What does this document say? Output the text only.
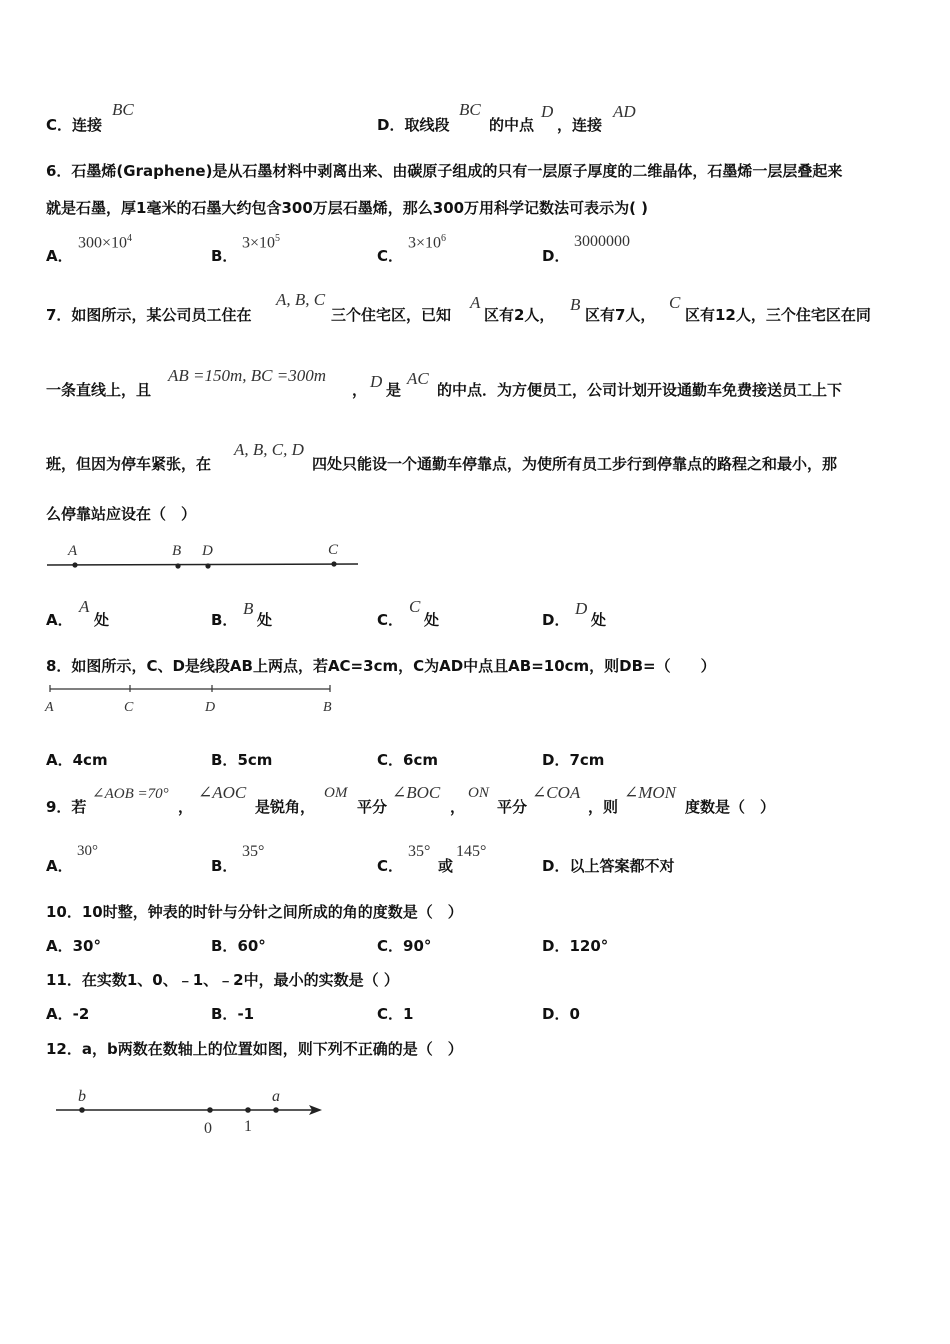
C．连接
BC
D．取线段
BC
的中点
D
，连接
AD
6．石墨烯(Graphene)是从石墨材料中剥离出来、由碳原子组成的只有一层原子厚度的二维晶体，石墨烯一层层叠起来
就是石墨，厚1毫米的石墨大约包含300万层石墨烯，那么300万用科学记数法可表示为( )
A．
$300\times 10^4$
B．
$3\times 10^5$
C．
$3\times 10^6$
D．
3000000
7．如图所示，某公司员工住在
A, B, C
三个住宅区，已知
A
区有2人，
B
区有7人，
C
区有12人，三个住宅区在同
一条直线上，且
AB =150m, BC =300m
， D 是
AC
的中点．为方便员工，公司计划开设通勤车免费接送员工上下
班，但因为停车紧张，在
A, B, C, D
四处只能设一个通勤车停靠点，为使所有员工步行到停靠点的路程之和最小，那
么停靠站应设在（　）
A	B D	C
A．
A
处	B．
B
处	C．
C
处	D．
D
处
8．如图所示，C、D是线段AB上两点，若AC=3cm，C为AD中点且AB=10cm，则DB=（　　）
A	C	D	B
A．4cm	B．5cm	C．6cm	D．7cm
9．若
∠AOB =70°
，
∠AOC
是锐角，
OM
平分
∠BOC
，
ON
平分
∠COA
，则
∠MON
度数是（　）
A．
30°
B．
35°
C．
35°
或
145°
D．以上答案都不对
10．10时整，钟表的时针与分针之间所成的角的度数是（　）
A．30°	B．60°	C．90°	D．120°
11．在实数1、0、﹣1、﹣2中，最小的实数是（ ）
A．-2	B．-1	C．1	D．0
12．a，b两数在数轴上的位置如图，则下列不正确的是（　）
b	a
0 1
